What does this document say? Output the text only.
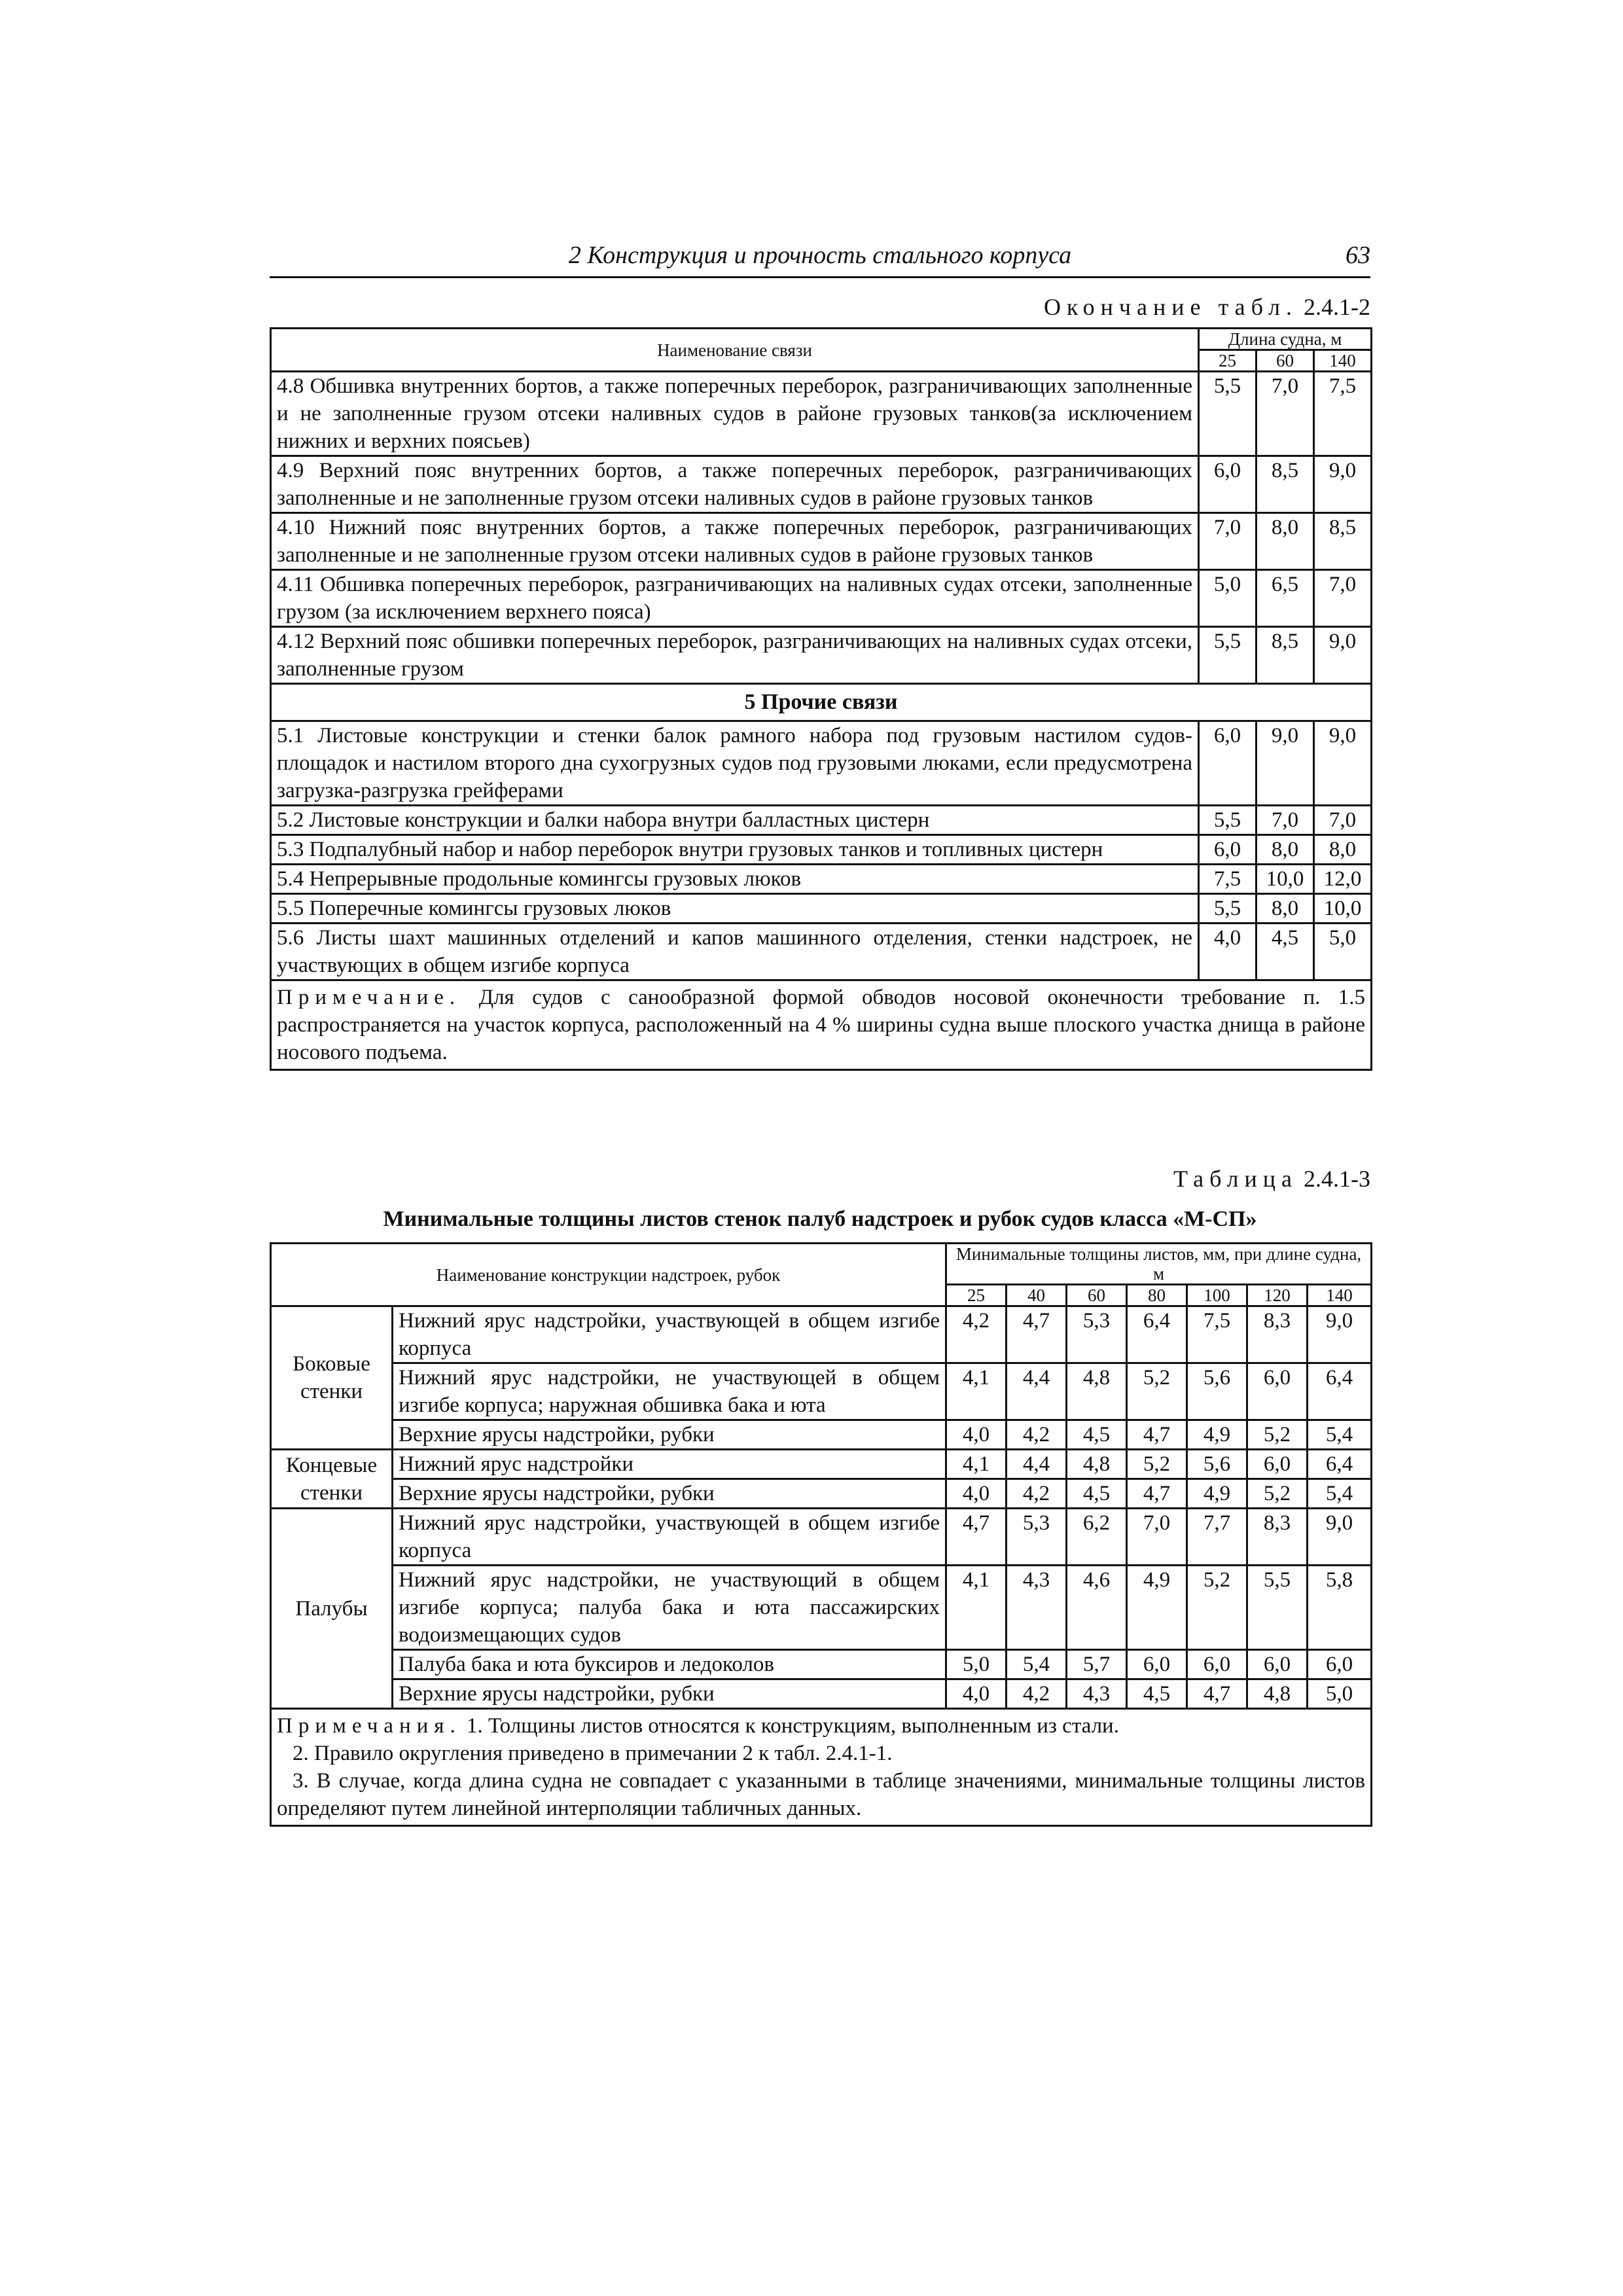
2 Конструкция и прочность стального корпуса	63
Окончание табл. 2.4.1-2
Наименование связи	Длина судна, м		
	25	60	140
4.8 Обшивка внутренних бортов, а также поперечных переборок, разграничивающих заполненные и не заполненные грузом отсеки наливных судов в районе грузовых танков(за исключением нижних и верхних поясьев)	5,5	7,0	7,5
4.9 Верхний пояс внутренних бортов, а также поперечных переборок, разграничивающих заполненные и не заполненные грузом отсеки наливных судов в районе грузовых танков	6,0	8,5	9,0
4.10 Нижний пояс внутренних бортов, а также поперечных переборок, разграничивающих заполненные и не заполненные грузом отсеки наливных судов в районе грузовых танков	7,0	8,0	8,5
4.11 Обшивка поперечных переборок, разграничивающих на наливных судах отсеки, заполненные грузом (за исключением верхнего пояса)	5,0	6,5	7,0
4.12 Верхний пояс обшивки поперечных переборок, разграничивающих на наливных судах отсеки, заполненные грузом	5,5	8,5	9,0
5 Прочие связи			
5.1 Листовые конструкции и стенки балок рамного набора под грузовым настилом судов-площадок и настилом второго дна сухогрузных судов под грузовыми люками, если предусмотрена загрузка-разгрузка грейферами	6,0	9,0	9,0
5.2 Листовые конструкции и балки набора внутри балластных цистерн	5,5	7,0	7,0
5.3 Подпалубный набор и набор переборок внутри грузовых танков и топливных цистерн	6,0	8,0	8,0
5.4 Непрерывные продольные комингсы грузовых люков	7,5	10,0	12,0
5.5 Поперечные комингсы грузовых люков	5,5	8,0	10,0
5.6 Листы шахт машинных отделений и капов машинного отделения, стенки надстроек, не участвующих в общем изгибе корпуса	4,0	4,5	5,0
Примечание. Для судов с санообразной формой обводов носовой оконечности требование п. 1.5 распространяется на участок корпуса, расположенный на 4 % ширины судна выше плоского участка днища в районе носового подъема.			
Таблица 2.4.1-3
Минимальные толщины листов стенок палуб надстроек и рубок судов класса «М-СП»
Наименование конструкции надстроек, рубок		Минимальные толщины листов, мм, при длине судна, м						
		25	40	60	80	100	120	140
Боковые стенки	Нижний ярус надстройки, участвующей в общем изгибе корпуса	4,2	4,7	5,3	6,4	7,5	8,3	9,0
	Нижний ярус надстройки, не участвующей в общем изгибе корпуса; наружная обшивка бака и юта	4,1	4,4	4,8	5,2	5,6	6,0	6,4
	Верхние ярусы надстройки, рубки	4,0	4,2	4,5	4,7	4,9	5,2	5,4
Концевые стенки	Нижний ярус надстройки	4,1	4,4	4,8	5,2	5,6	6,0	6,4
	Верхние ярусы надстройки, рубки	4,0	4,2	4,5	4,7	4,9	5,2	5,4
Палубы	Нижний ярус надстройки, участвующей в общем изгибе корпуса	4,7	5,3	6,2	7,0	7,7	8,3	9,0
	Нижний ярус надстройки, не участвующий в общем изгибе корпуса; палуба бака и юта пассажирских водоизмещающих судов	4,1	4,3	4,6	4,9	5,2	5,5	5,8
	Палуба бака и юта буксиров и ледоколов	5,0	5,4	5,7	6,0	6,0	6,0	6,0
	Верхние ярусы надстройки, рубки	4,0	4,2	4,3	4,5	4,7	4,8	5,0
Примечания. 1. Толщины листов относятся к конструкциям, выполненным из стали.
2. Правило округления приведено в примечании 2 к табл. 2.4.1-1.
3. В случае, когда длина судна не совпадает с указанными в таблице значениями, минимальные толщины листов определяют путем линейной интерполяции табличных данных.								
